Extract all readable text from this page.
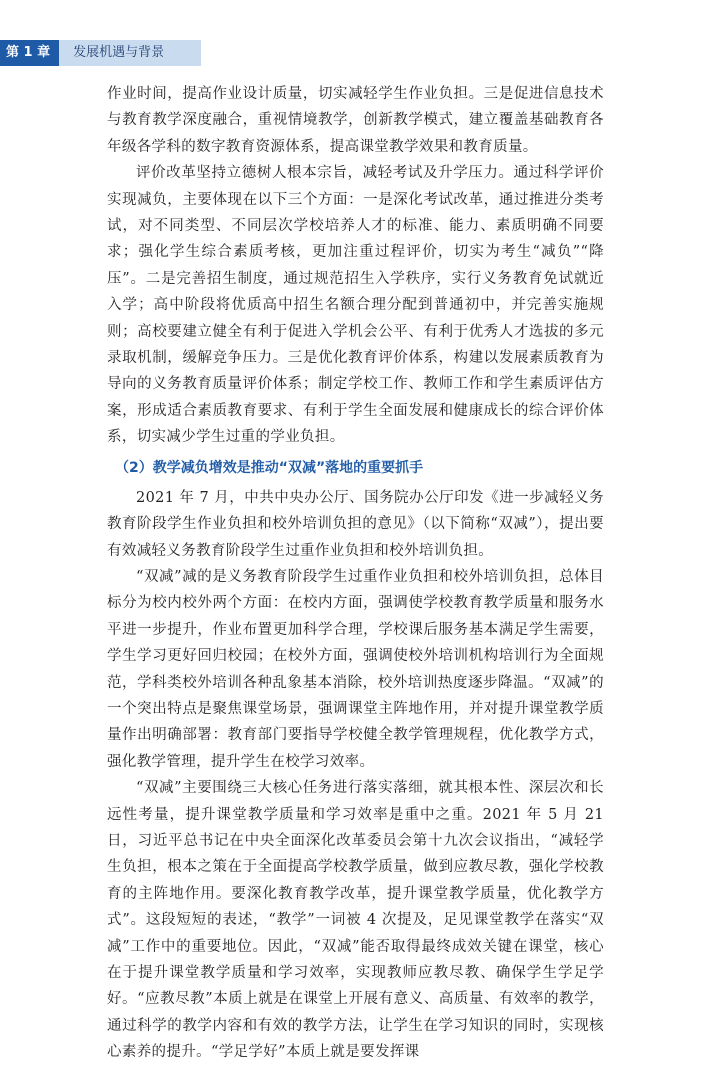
第 1 章	发展机遇与背景

作业时间，提高作业设计质量，切实减轻学生作业负担。三是促进信息技术与教育教学深度融合，重视情境教学，创新教学模式，建立覆盖基础教育各年级各学科的数字教育资源体系，提高课堂教学效果和教育质量。

评价改革坚持立德树人根本宗旨，减轻考试及升学压力。通过科学评价实现减负，主要体现在以下三个方面：一是深化考试改革，通过推进分类考试，对不同类型、不同层次学校培养人才的标准、能力、素质明确不同要求；强化学生综合素质考核，更加注重过程评价，切实为考生“减负”“降压”。二是完善招生制度，通过规范招生入学秩序，实行义务教育免试就近入学；高中阶段将优质高中招生名额合理分配到普通初中，并完善实施规则；高校要建立健全有利于促进入学机会公平、有利于优秀人才选拔的多元录取机制，缓解竞争压力。三是优化教育评价体系，构建以发展素质教育为导向的义务教育质量评价体系；制定学校工作、教师工作和学生素质评估方案，形成适合素质教育要求、有利于学生全面发展和健康成长的综合评价体系，切实减少学生过重的学业负担。

（2）教学减负增效是推动“双减”落地的重要抓手

2021 年 7 月，中共中央办公厅、国务院办公厅印发《进一步减轻义务教育阶段学生作业负担和校外培训负担的意见》（以下简称“双减”），提出要有效减轻义务教育阶段学生过重作业负担和校外培训负担。

“双减”减的是义务教育阶段学生过重作业负担和校外培训负担，总体目标分为校内校外两个方面：在校内方面，强调使学校教育教学质量和服务水平进一步提升，作业布置更加科学合理，学校课后服务基本满足学生需要，学生学习更好回归校园；在校外方面，强调使校外培训机构培训行为全面规范，学科类校外培训各种乱象基本消除，校外培训热度逐步降温。“双减”的一个突出特点是聚焦课堂场景，强调课堂主阵地作用，并对提升课堂教学质量作出明确部署：教育部门要指导学校健全教学管理规程，优化教学方式，强化教学管理，提升学生在校学习效率。

“双减”主要围绕三大核心任务进行落实落细，就其根本性、深层次和长远性考量，提升课堂教学质量和学习效率是重中之重。2021 年 5 月 21 日，习近平总书记在中央全面深化改革委员会第十九次会议指出，“减轻学生负担，根本之策在于全面提高学校教学质量，做到应教尽教，强化学校教育的主阵地作用。要深化教育教学改革，提升课堂教学质量，优化教学方式”。这段短短的表述，“教学”一词被 4 次提及，足见课堂教学在落实“双减”工作中的重要地位。因此，“双减”能否取得最终成效关键在课堂，核心在于提升课堂教学质量和学习效率，实现教师应教尽教、确保学生学足学好。“应教尽教”本质上就是在课堂上开展有意义、高质量、有效率的教学，通过科学的教学内容和有效的教学方法，让学生在学习知识的同时，实现核心素养的提升。“学足学好”本质上就是要发挥课
